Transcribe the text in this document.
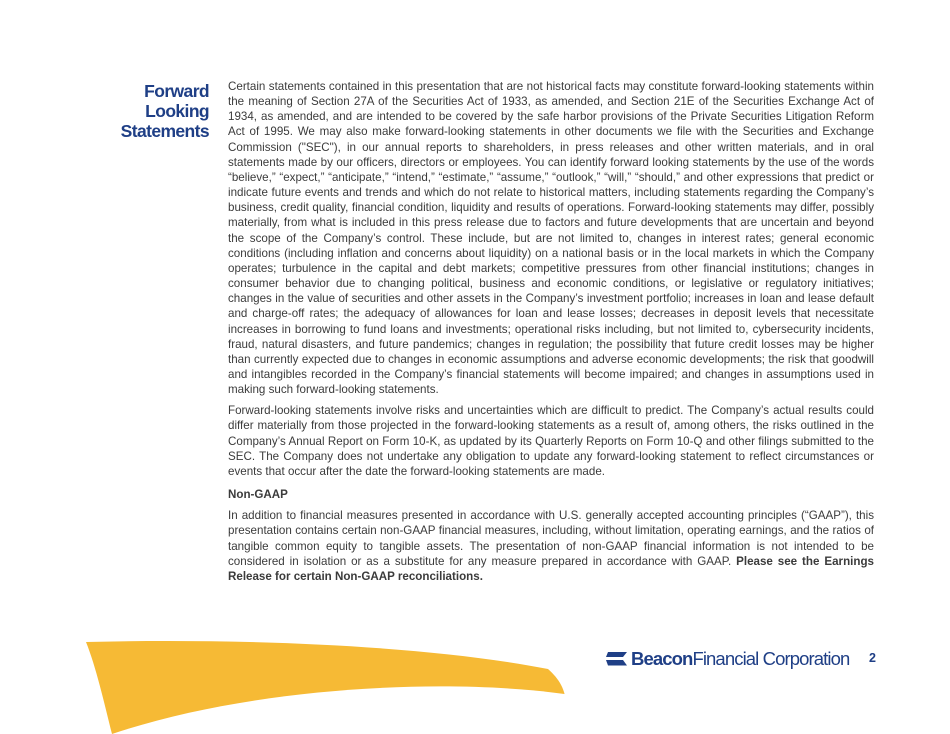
Forward
Looking
Statements

Certain statements contained in this presentation that are not historical facts may constitute forward-looking statements within the meaning of Section 27A of the Securities Act of 1933, as amended, and Section 21E of the Securities Exchange Act of 1934, as amended, and are intended to be covered by the safe harbor provisions of the Private Securities Litigation Reform Act of 1995. We may also make forward-looking statements in other documents we file with the Securities and Exchange Commission ("SEC"), in our annual reports to shareholders, in press releases and other written materials, and in oral statements made by our officers, directors or employees. You can identify forward looking statements by the use of the words “believe,” “expect,” “anticipate,” “intend,” “estimate,” “assume,” “outlook,” “will,” “should,” and other expressions that predict or indicate future events and trends and which do not relate to historical matters, including statements regarding the Company’s business, credit quality, financial condition, liquidity and results of operations. Forward-looking statements may differ, possibly materially, from what is included in this press release due to factors and future developments that are uncertain and beyond the scope of the Company’s control. These include, but are not limited to, changes in interest rates; general economic conditions (including inflation and concerns about liquidity) on a national basis or in the local markets in which the Company operates; turbulence in the capital and debt markets; competitive pressures from other financial institutions; changes in consumer behavior due to changing political, business and economic conditions, or legislative or regulatory initiatives; changes in the value of securities and other assets in the Company’s investment portfolio; increases in loan and lease default and charge-off rates; the adequacy of allowances for loan and lease losses; decreases in deposit levels that necessitate increases in borrowing to fund loans and investments; operational risks including, but not limited to, cybersecurity incidents, fraud, natural disasters, and future pandemics; changes in regulation; the possibility that future credit losses may be higher than currently expected due to changes in economic assumptions and adverse economic developments; the risk that goodwill and intangibles recorded in the Company’s financial statements will become impaired; and changes in assumptions used in making such forward-looking statements.

Forward-looking statements involve risks and uncertainties which are difficult to predict. The Company’s actual results could differ materially from those projected in the forward-looking statements as a result of, among others, the risks outlined in the Company’s Annual Report on Form 10-K, as updated by its Quarterly Reports on Form 10-Q and other filings submitted to the SEC. The Company does not undertake any obligation to update any forward-looking statement to reflect circumstances or events that occur after the date the forward-looking statements are made.

Non-GAAP

In addition to financial measures presented in accordance with U.S. generally accepted accounting principles (“GAAP”), this presentation contains certain non-GAAP financial measures, including, without limitation, operating earnings, and the ratios of tangible common equity to tangible assets. The presentation of non-GAAP financial information is not intended to be considered in isolation or as a substitute for any measure prepared in accordance with GAAP. Please see the Earnings Release for certain Non-GAAP reconciliations.

BeaconFinancial Corporation 2
